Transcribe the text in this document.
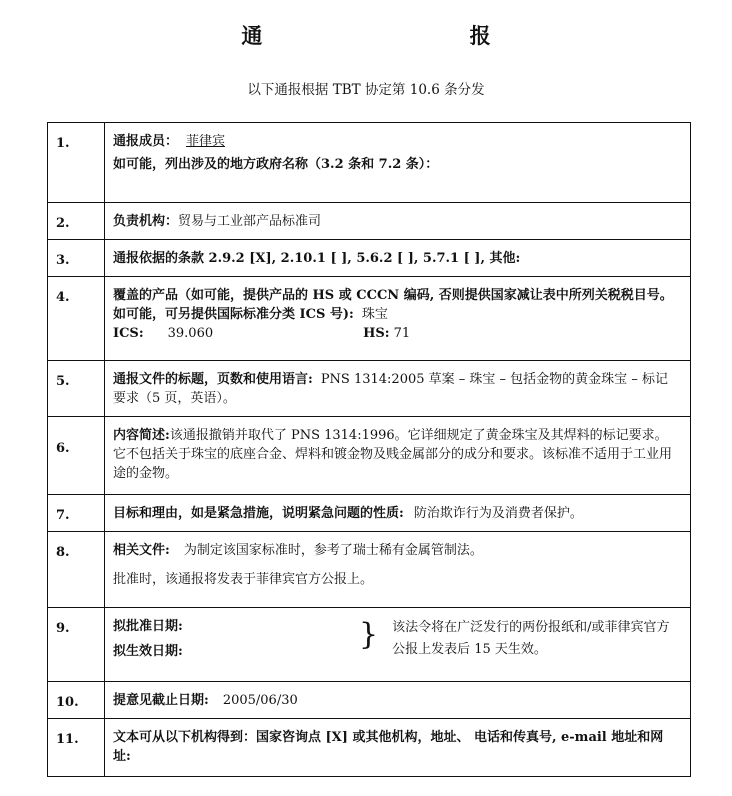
通 报
以下通报根据 TBT 协定第 10.6 条分发
1.	通报成员： 菲律宾

如可能，列出涉及的地方政府名称（3.2 条和 7.2 条）：

2.	负责机构：贸易与工业部产品标准司
3.	通报依据的条款 2.9.2 [X], 2.10.1 [ ], 5.6.2 [ ], 5.7.1 [ ], 其他:
4.	覆盖的产品（如可能，提供产品的 HS 或 CCCN 编码, 否则提供国家减让表中所列关税税目号。如可能，可另提供国际标准分类 ICS 号): 珠宝

ICS: 39.060 HS: 71

5.	通报文件的标题，页数和使用语言: PNS 1314:2005 草案 – 珠宝 – 包括金物的黄金珠宝 – 标记要求（5 页，英语）。
6.	内容简述:该通报撤销并取代了 PNS 1314:1996。它详细规定了黄金珠宝及其焊料的标记要求。它不包括关于珠宝的底座合金、焊料和镀金物及贱金属部分的成分和要求。该标准不适用于工业用途的金物。
7.	目标和理由，如是紧急措施，说明紧急问题的性质: 防治欺诈行为及消费者保护。
8.	相关文件: 为制定该国家标准时，参考了瑞士稀有金属管制法。

批准时，该通报将发表于菲律宾官方公报上。

9.	拟批准日期:

拟生效日期: } 该法令将在广泛发行的两份报纸和/或菲律宾官方公报上发表后 15 天生效。

10.	提意见截止日期: 2005/06/30
11.	文本可从以下机构得到：国家咨询点 [X] 或其他机构，地址、 电话和传真号, e-mail 地址和网址:
